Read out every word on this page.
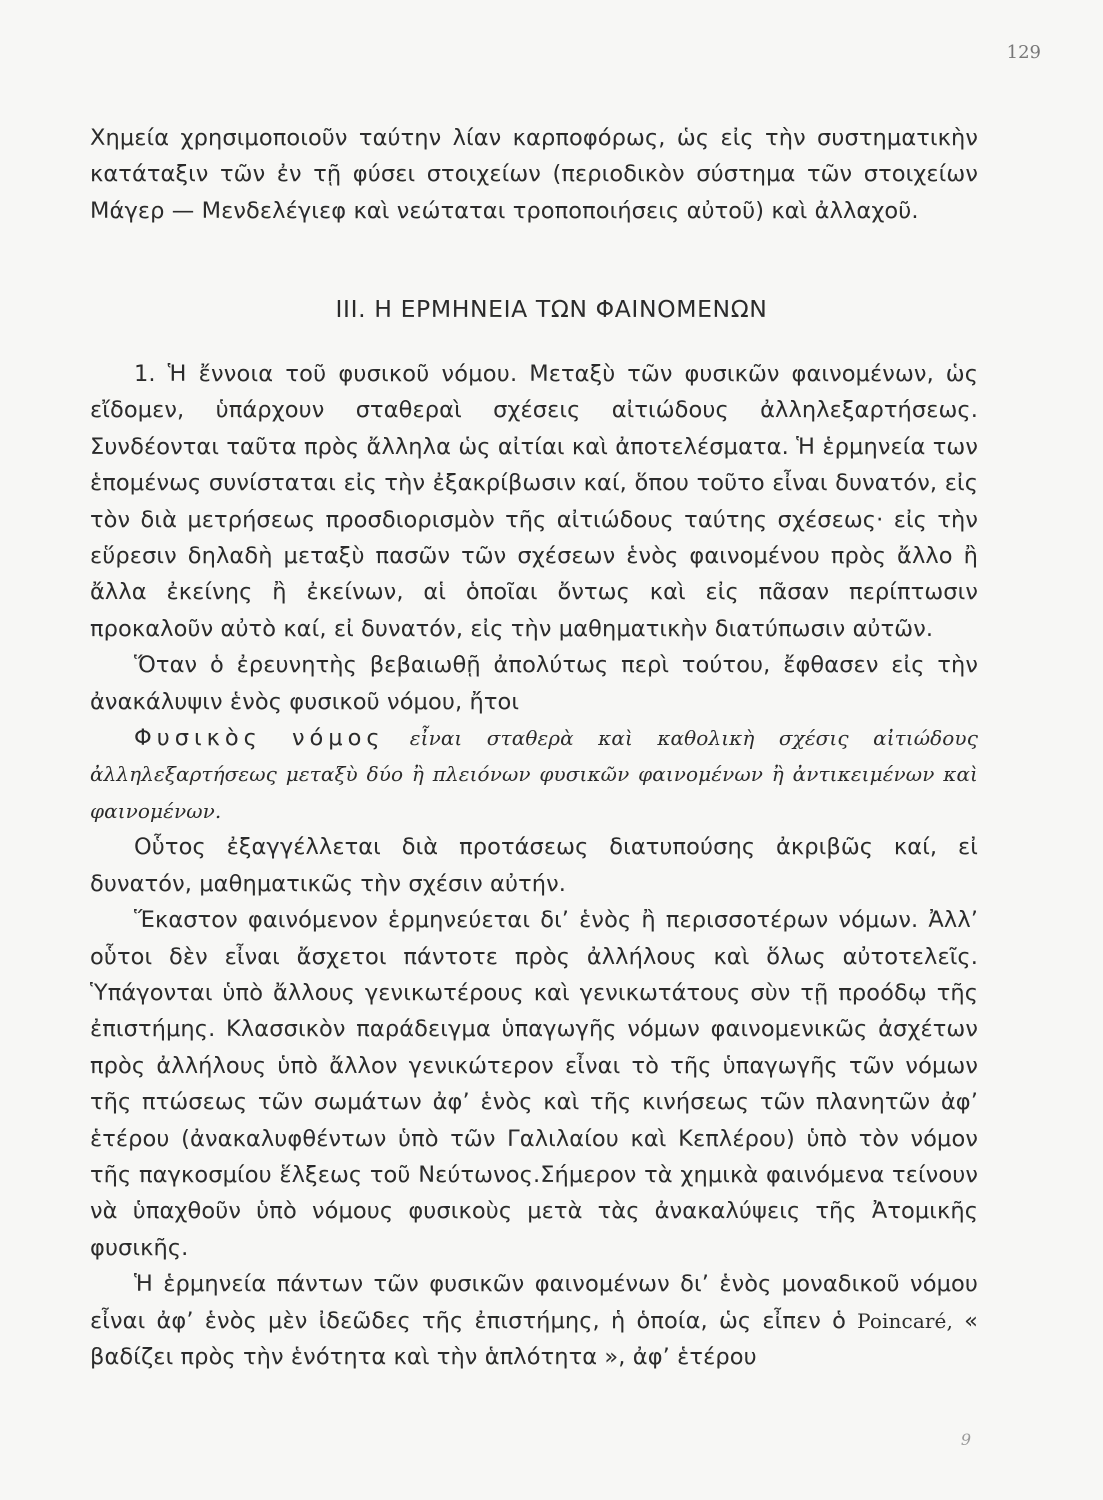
129

Χημεία χρησιμοποιοῦν ταύτην λίαν καρποφόρως, ὡς εἰς τὴν συστηματικὴν κατάταξιν τῶν ἐν τῇ φύσει στοιχείων (περιοδικὸν σύστημα τῶν στοιχείων Μάγερ — Μενδελέγιεφ καὶ νεώταται τροποποιήσεις αὐτοῦ) καὶ ἀλλαχοῦ.

III. Η ΕΡΜΗΝΕΙΑ ΤΩΝ ΦΑΙΝΟΜΕΝΩΝ

1. Ἡ ἔννοια τοῦ φυσικοῦ νόμου. Μεταξὺ τῶν φυσικῶν φαινομένων, ὡς εἴδομεν, ὑπάρχουν σταθεραὶ σχέσεις αἰτιώδους ἀλληλεξαρτήσεως. Συνδέονται ταῦτα πρὸς ἄλληλα ὡς αἰτίαι καὶ ἀποτελέσματα. Ἡ ἑρμηνεία των ἑπομένως συνίσταται εἰς τὴν ἐξακρίβωσιν καί, ὅπου τοῦτο εἶναι δυνατόν, εἰς τὸν διὰ μετρήσεως προσδιορισμὸν τῆς αἰτιώδους ταύτης σχέσεως· εἰς τὴν εὕρεσιν δηλαδὴ μεταξὺ πασῶν τῶν σχέσεων ἑνὸς φαινομένου πρὸς ἄλλο ἢ ἄλλα ἐκείνης ἢ ἐκείνων, αἱ ὁποῖαι ὄντως καὶ εἰς πᾶσαν περίπτωσιν προκαλοῦν αὐτὸ καί, εἰ δυνατόν, εἰς τὴν μαθηματικὴν διατύπωσιν αὐτῶν.

Ὅταν ὁ ἐρευνητὴς βεβαιωθῇ ἀπολύτως περὶ τούτου, ἔφθασεν εἰς τὴν ἀνακάλυψιν ἑνὸς φυσικοῦ νόμου, ἤτοι

Φυσικὸς νόμος εἶναι σταθερὰ καὶ καθολικὴ σχέσις αἰτιώδους ἀλληλεξαρτήσεως μεταξὺ δύο ἢ πλειόνων φυσικῶν φαινομένων ἢ ἀντικειμένων καὶ φαινομένων.

Οὗτος ἐξαγγέλλεται διὰ προτάσεως διατυπούσης ἀκριβῶς καί, εἰ δυνατόν, μαθηματικῶς τὴν σχέσιν αὐτήν.

Ἕκαστον φαινόμενον ἑρμηνεύεται δι’ ἑνὸς ἢ περισσοτέρων νόμων. Ἀλλ’ οὗτοι δὲν εἶναι ἄσχετοι πάντοτε πρὸς ἀλλήλους καὶ ὅλως αὐτοτελεῖς. Ὑπάγονται ὑπὸ ἄλλους γενικωτέρους καὶ γενικωτάτους σὺν τῇ προόδῳ τῆς ἐπιστήμης. Κλασσικὸν παράδειγμα ὑπαγωγῆς νόμων φαινομενικῶς ἀσχέτων πρὸς ἀλλήλους ὑπὸ ἄλλον γενικώτερον εἶναι τὸ τῆς ὑπαγωγῆς τῶν νόμων τῆς πτώσεως τῶν σωμάτων ἀφ’ ἑνὸς καὶ τῆς κινήσεως τῶν πλανητῶν ἀφ’ ἑτέρου (ἀνακαλυφθέντων ὑπὸ τῶν Γαλιλαίου καὶ Κεπλέρου) ὑπὸ τὸν νόμον τῆς παγκοσμίου ἕλξεως τοῦ Νεύτωνος.Σήμερον τὰ χημικὰ φαινόμενα τείνουν νὰ ὑπαχθοῦν ὑπὸ νόμους φυσικοὺς μετὰ τὰς ἀνακαλύψεις τῆς Ἀτομικῆς φυσικῆς.

Ἡ ἑρμηνεία πάντων τῶν φυσικῶν φαινομένων δι’ ἑνὸς μοναδικοῦ νόμου εἶναι ἀφ’ ἑνὸς μὲν ἰδεῶδες τῆς ἐπιστήμης, ἡ ὁποία, ὡς εἶπεν ὁ Poincaré, « βαδίζει πρὸς τὴν ἑνότητα καὶ τὴν ἁπλότητα », ἀφ’ ἑτέρου

9
